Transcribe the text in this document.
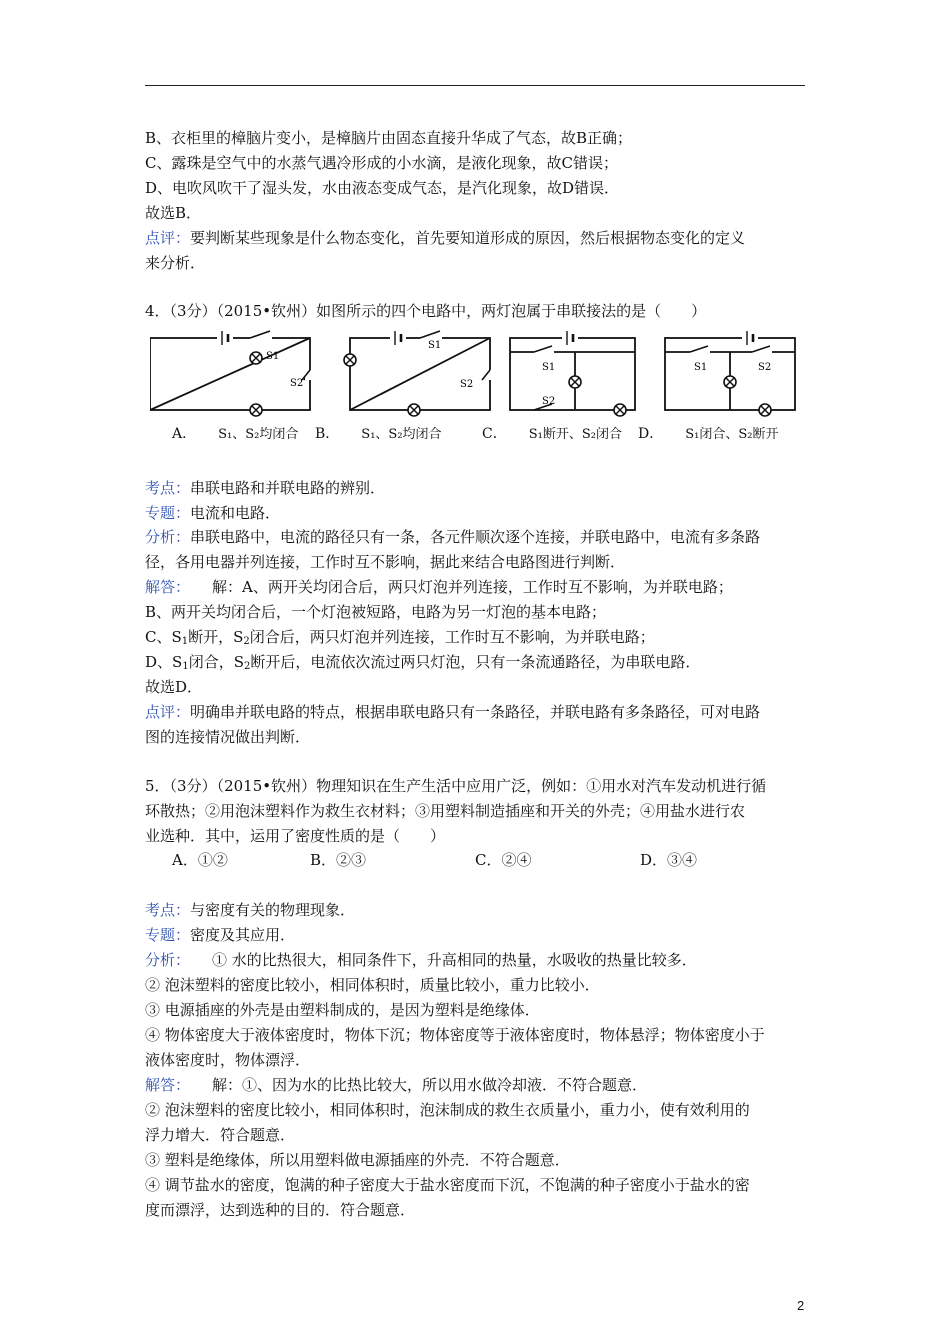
B、衣柜里的樟脑片变小，是樟脑片由固态直接升华成了气态，故B正确；
C、露珠是空气中的水蒸气遇冷形成的小水滴，是液化现象，故C错误；
D、电吹风吹干了湿头发，水由液态变成气态，是汽化现象，故D错误．
故选B．
点评：要判断某些现象是什么物态变化，首先要知道形成的原因，然后根据物态变化的定义
来分析．
4．（3分）（2015•钦州）如图所示的四个电路中，两灯泡属于串联接法的是（　　）
S1
S2
S1
S2
S1
S2
S1	S2
A． S₁、S₂均闭合 B． S₁、S₂均闭合	C． S₁断开、S₂闭合 D． S₁闭合、S₂断开
考点：串联电路和并联电路的辨别．
专题：电流和电路．
分析：串联电路中，电流的路径只有一条，各元件顺次逐个连接，并联电路中，电流有多条路
径，各用电器并列连接，工作时互不影响，据此来结合电路图进行判断．
解答： 解：A、两开关均闭合后，两只灯泡并列连接，工作时互不影响，为并联电路；
B、两开关均闭合后，一个灯泡被短路，电路为另一灯泡的基本电路；
C、$S_1$断开，$S_2$闭合后，两只灯泡并列连接，工作时互不影响，为并联电路；
D、$S_1$闭合，$S_2$断开后，电流依次流过两只灯泡，只有一条流通路径，为串联电路．
故选D．
点评：明确串并联电路的特点，根据串联电路只有一条路径，并联电路有多条路径，可对电路
图的连接情况做出判断．
5．（3分）（2015•钦州）物理知识在生产生活中应用广泛，例如：①用水对汽车发动机进行循
环散热；②用泡沫塑料作为救生衣材料；③用塑料制造插座和开关的外壳；④用盐水进行农
业选种．其中，运用了密度性质的是（　　）
A．①②	B．②③	C．②④	D．③④
考点：与密度有关的物理现象．
专题：密度及其应用．
分析： ① 水的比热很大，相同条件下，升高相同的热量，水吸收的热量比较多．
② 泡沫塑料的密度比较小，相同体积时，质量比较小，重力比较小．
③ 电源插座的外壳是由塑料制成的，是因为塑料是绝缘体．
④ 物体密度大于液体密度时，物体下沉；物体密度等于液体密度时，物体悬浮；物体密度小于
液体密度时，物体漂浮．
解答： 解：①、因为水的比热比较大，所以用水做冷却液．不符合题意．
② 泡沫塑料的密度比较小，相同体积时，泡沫制成的救生衣质量小，重力小，使有效利用的
浮力增大．符合题意．
③ 塑料是绝缘体，所以用塑料做电源插座的外壳．不符合题意．
④ 调节盐水的密度，饱满的种子密度大于盐水密度而下沉，不饱满的种子密度小于盐水的密
度而漂浮，达到选种的目的．符合题意．
2
